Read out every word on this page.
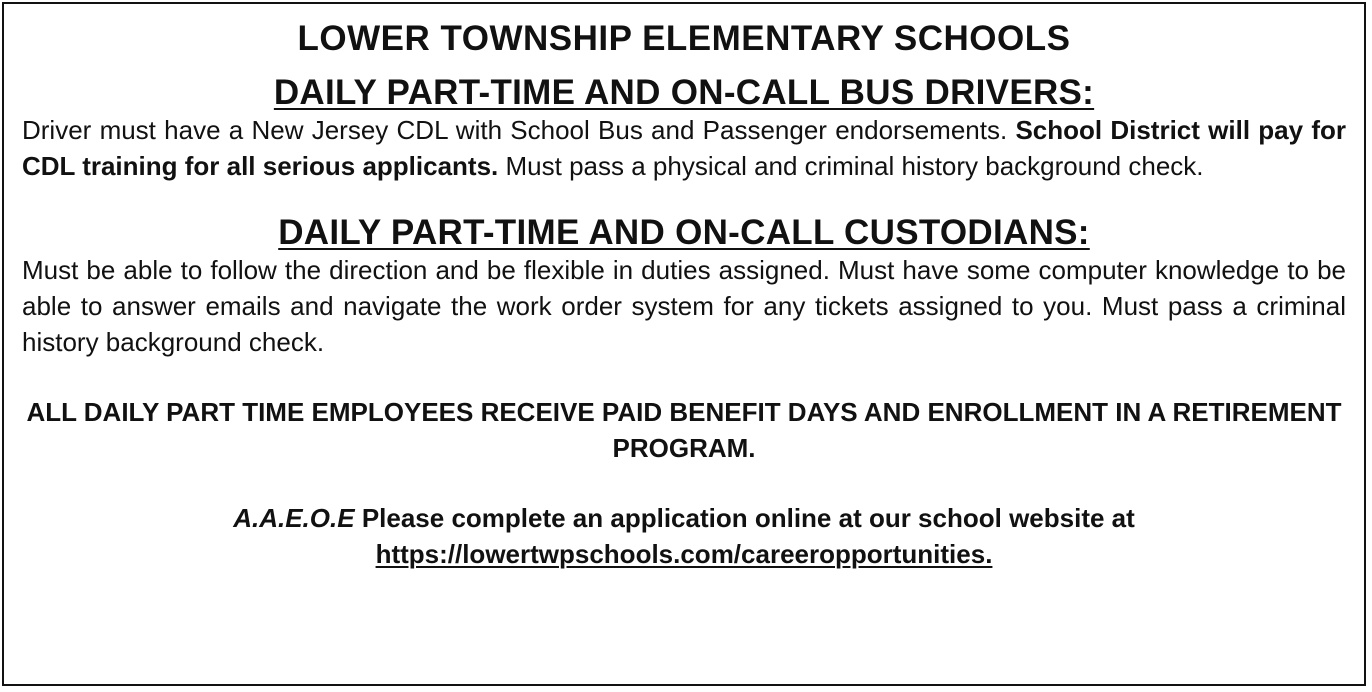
LOWER TOWNSHIP ELEMENTARY SCHOOLS
DAILY PART-TIME AND ON-CALL BUS DRIVERS:

Driver must have a New Jersey CDL with School Bus and Passenger endorsements. School District will pay for CDL training for all serious applicants. Must pass a physical and criminal history background check.

DAILY PART-TIME AND ON-CALL CUSTODIANS:

Must be able to follow the direction and be flexible in duties assigned. Must have some computer knowledge to be able to answer emails and navigate the work order system for any tickets assigned to you. Must pass a criminal history background check.

ALL DAILY PART TIME EMPLOYEES RECEIVE PAID BENEFIT DAYS AND ENROLLMENT IN A RETIREMENT PROGRAM.
A.A.E.O.E Please complete an application online at our school website at
https://lowertwpschools.com/careeropportunities.
